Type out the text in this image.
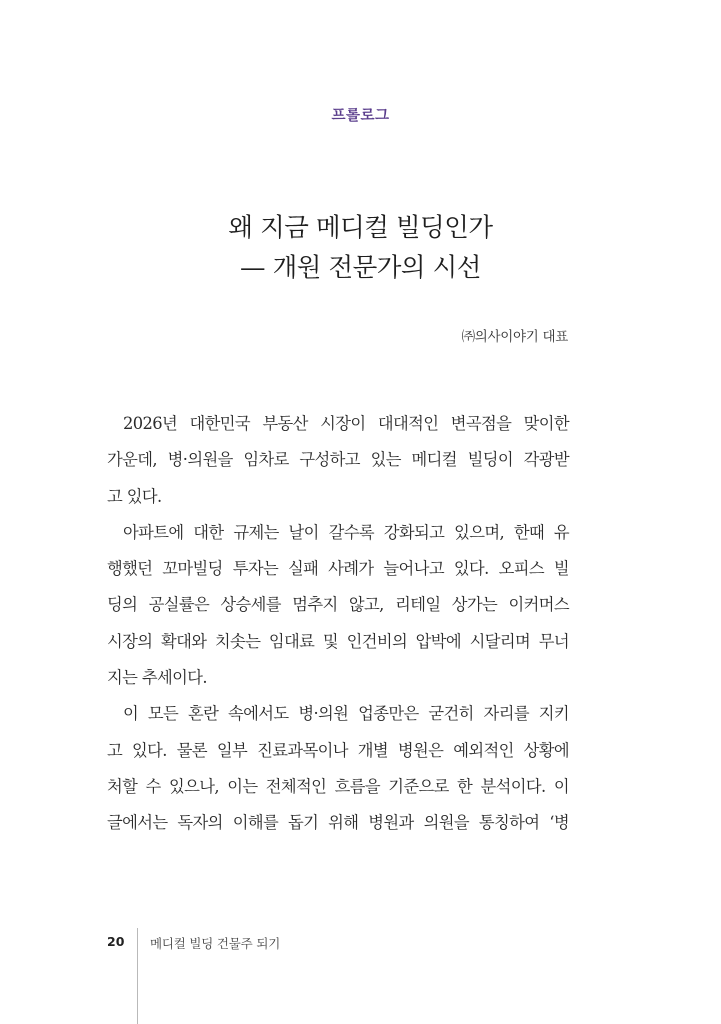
프롤로그
왜 지금 메디컬 빌딩인가
— 개원 전문가의 시선
㈜의사이야기 대표
2026년 대한민국 부동산 시장이 대대적인 변곡점을 맞이한
가운데, 병·의원을 임차로 구성하고 있는 메디컬 빌딩이 각광받
고 있다.
아파트에 대한 규제는 날이 갈수록 강화되고 있으며, 한때 유
행했던 꼬마빌딩 투자는 실패 사례가 늘어나고 있다. 오피스 빌
딩의 공실률은 상승세를 멈추지 않고, 리테일 상가는 이커머스
시장의 확대와 치솟는 임대료 및 인건비의 압박에 시달리며 무너
지는 추세이다.
이 모든 혼란 속에서도 병·의원 업종만은 굳건히 자리를 지키
고 있다. 물론 일부 진료과목이나 개별 병원은 예외적인 상황에
처할 수 있으나, 이는 전체적인 흐름을 기준으로 한 분석이다. 이
글에서는 독자의 이해를 돕기 위해 병원과 의원을 통칭하여 ‘병
20 메디컬 빌딩 건물주 되기
